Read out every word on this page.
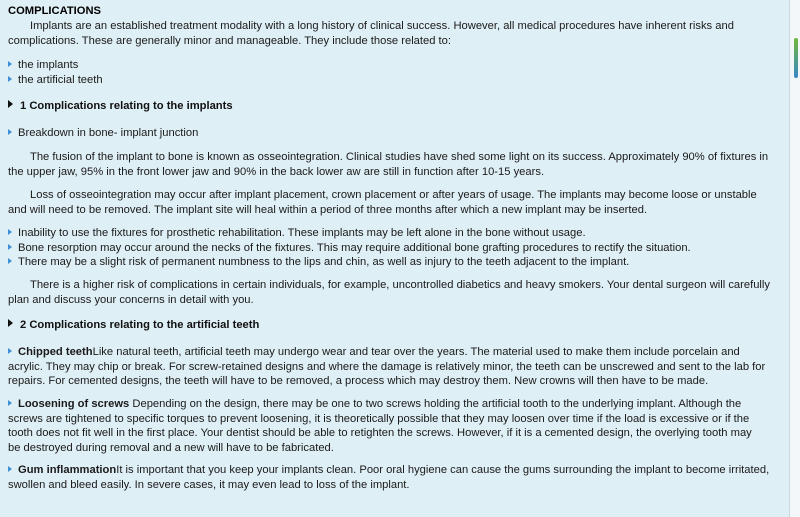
COMPLICATIONS
Implants are an established treatment modality with a long history of clinical success. However, all medical procedures have inherent risks and
complications. These are generally minor and manageable. They include those related to:
the implants
the artificial teeth
1 Complications relating to the implants
Breakdown in bone- implant junction
The fusion of the implant to bone is known as osseointegration. Clinical studies have shed some light on its success. Approximately 90% of fixtures in
the upper jaw, 95% in the front lower jaw and 90% in the back lower aw are still in function after 10-15 years.
Loss of osseointegration may occur after implant placement, crown placement or after years of usage. The implants may become loose or unstable
and will need to be removed. The implant site will heal within a period of three months after which a new implant may be inserted.
Inability to use the fixtures for prosthetic rehabilitation. These implants may be left alone in the bone without usage.
Bone resorption may occur around the necks of the fixtures. This may require additional bone grafting procedures to rectify the situation.
There may be a slight risk of permanent numbness to the lips and chin, as well as injury to the teeth adjacent to the implant.
There is a higher risk of complications in certain individuals, for example, uncontrolled diabetics and heavy smokers. Your dental surgeon will carefully
plan and discuss your concerns in detail with you.
2 Complications relating to the artificial teeth
Chipped teethLike natural teeth, artificial teeth may undergo wear and tear over the years. The material used to make them include porcelain and
acrylic. They may chip or break. For screw-retained designs and where the damage is relatively minor, the teeth can be unscrewed and sent to the lab for
repairs. For cemented designs, the teeth will have to be removed, a process which may destroy them. New crowns will then have to be made.
Loosening of screws Depending on the design, there may be one to two screws holding the artificial tooth to the underlying implant. Although the
screws are tightened to specific torques to prevent loosening, it is theoretically possible that they may loosen over time if the load is excessive or if the
tooth does not fit well in the first place. Your dentist should be able to retighten the screws. However, if it is a cemented design, the overlying tooth may
be destroyed during removal and a new will have to be fabricated.
Gum inflammationIt is important that you keep your implants clean. Poor oral hygiene can cause the gums surrounding the implant to become irritated,
swollen and bleed easily. In severe cases, it may even lead to loss of the implant.
